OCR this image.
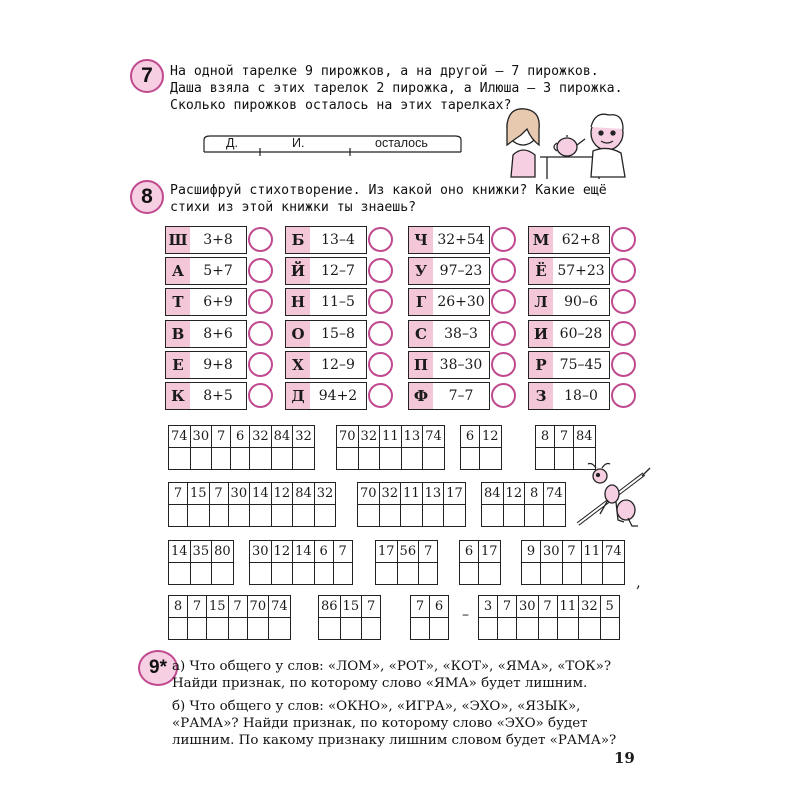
7	На одной тарелке 9 пирожков, а на другой – 7 пирожков.
Даша взяла с этих тарелок 2 пирожка, а Илюша – 3 пирожка.
Сколько пирожков осталось на этих тарелках?
Д.	И.	осталось
8	Расшифруй стихотворение. Из какой оно книжки? Какие ещё
стихи из этой книжки ты знаешь?
Ш	3+8	Б	13–4	Ч 32+54	М 62+8
А	5+7	Й	12–7	У 97–23	Ё 57+23
Т	6+9	Н	11–5	Г 26+30	Л	90–6
В	8+6	О	15–8	С	38–3	И 60–28
Е	9+8	Х	12–9	П 38–30	Р 75–45
К	8+5	Д	94+2	Ф	7–7	З	18–0
74 30 7 6 32 84 32 70 32 11 13 74	6 12	8 7 84
7 15 7 30 14 12 84 32 70 32 11 13 17 84 12 8 74
14 35 80 30 12 14 6 7	17 56 7	6 17	9 30 7 11 74
8 7 15 7 70 74	86 15 7	7 6	3 7 30 7 11 32 5
,
–
9* а) Что общего у слов: «ЛОМ», «РОТ», «КОТ», «ЯМА», «ТОК»?
Найди признак, по которому слово «ЯМА» будет лишним.
б) Что общего у слов: «ОКНО», «ИГРА», «ЭХО», «ЯЗЫК»,
«РАМА»? Найди признак, по которому слово «ЭХО» будет
лишним. По какому признаку лишним словом будет «РАМА»?
19
